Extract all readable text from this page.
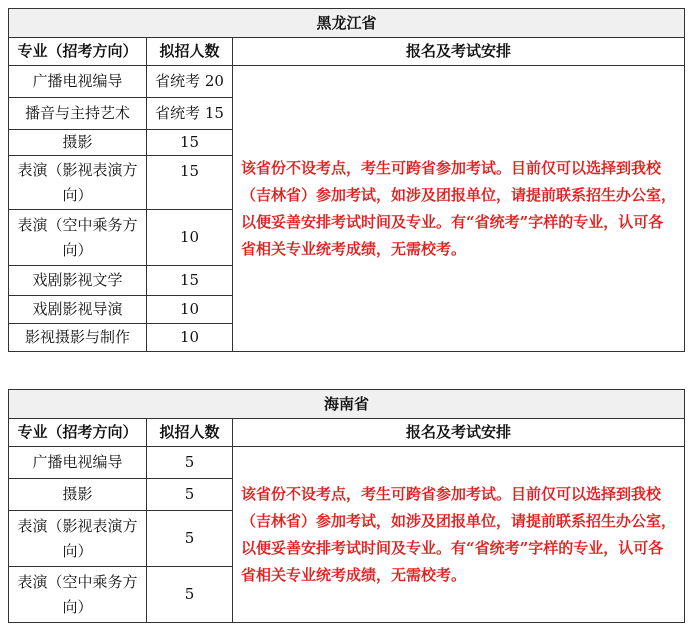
黑龙江省		
专业（招考方向）	拟招人数	报名及考试安排
广播电视编导	省统考 20	该省份不设考点，考生可跨省参加考试。目前仅可以选择到我校（吉林省）参加考试，如涉及团报单位，请提前联系招生办公室，以便妥善安排考试时间及专业。有“省统考”字样的专业，认可各省相关专业统考成绩，无需校考。
播音与主持艺术	省统考 15	
摄影	15	
表演（影视表演方向）	15	
表演（空中乘务方向）	10	
戏剧影视文学	15	
戏剧影视导演	10	
影视摄影与制作	10	
海南省		
专业（招考方向）	拟招人数	报名及考试安排
广播电视编导	5	该省份不设考点，考生可跨省参加考试。目前仅可以选择到我校（吉林省）参加考试，如涉及团报单位，请提前联系招生办公室，以便妥善安排考试时间及专业。有“省统考”字样的专业，认可各省相关专业统考成绩，无需校考。
摄影	5	
表演（影视表演方向）	5	
表演（空中乘务方向）	5	
